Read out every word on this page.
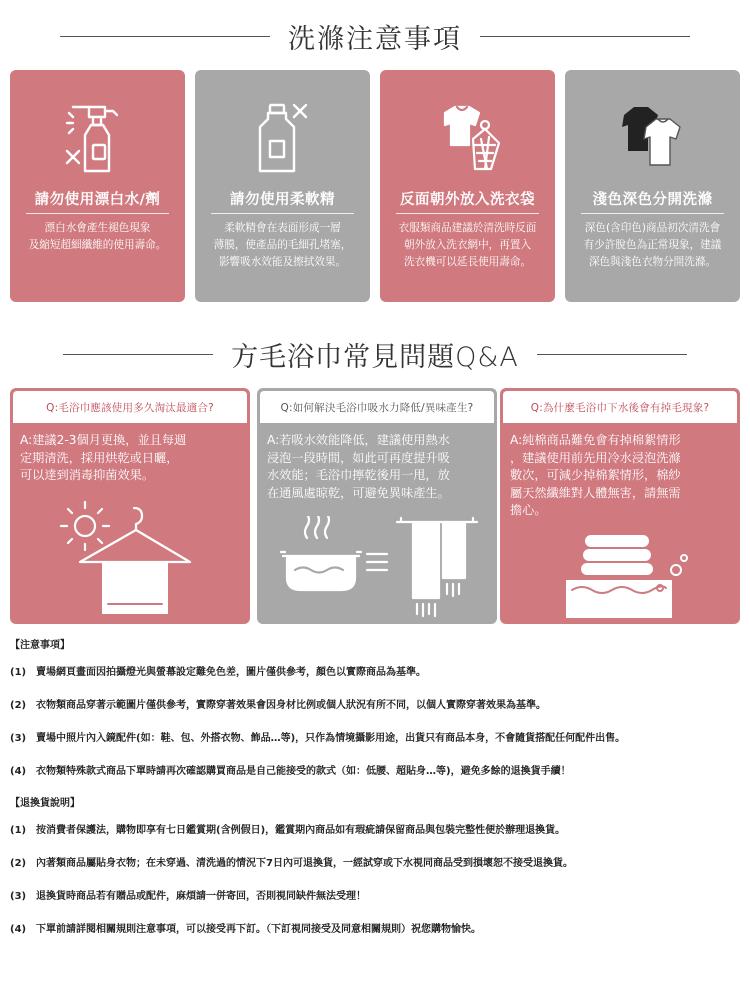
洗滌注意事項
請勿使用漂白水/劑
漂白水會產生褪色現象
及縮短超細纖維的使用壽命。
請勿使用柔軟精
柔軟精會在表面形成一層
薄膜，使產品的毛細孔堵塞，
影響吸水效能及擦拭效果。
反面朝外放入洗衣袋
衣服類商品建議於清洗時反面
朝外放入洗衣網中，再置入
洗衣機可以延長使用壽命。
淺色深色分開洗滌
深色(含印色)商品初次清洗會
有少許脫色為正常現象，建議
深色與淺色衣物分開洗滌。
方毛浴巾常見問題Q&A
Q:毛浴巾應該使用多久淘汰最適合?
A:建議2-3個月更換，並且每週
定期清洗，採用烘乾或日曬，
可以達到消毒抑菌效果。
Q:如何解決毛浴巾吸水力降低/異味產生?
A:若吸水效能降低，建議使用熱水
浸泡一段時間，如此可再度提升吸
水效能；毛浴巾擰乾後用一甩，放
在通風處晾乾，可避免異味產生。
Q:為什麼毛浴巾下水後會有掉毛現象?
A:純棉商品難免會有掉棉絮情形
，建議使用前先用冷水浸泡洗滌
數次，可減少掉棉絮情形，棉紗
屬天然纖維對人體無害，請無需
擔心。
【注意事項】
(1) 賣場網頁畫面因拍攝燈光與螢幕設定難免色差，圖片僅供參考，顏色以實際商品為基準。
(2) 衣物類商品穿著示範圖片僅供參考，實際穿著效果會因身材比例或個人狀況有所不同，以個人實際穿著效果為基準。
(3) 賣場中照片內入鏡配件(如：鞋、包、外搭衣物、飾品…等)，只作為情境攝影用途，出貨只有商品本身，不會隨貨搭配任何配件出售。
(4) 衣物類特殊款式商品下單時請再次確認購買商品是自己能接受的款式（如：低腰、超貼身…等)，避免多餘的退換貨手續！
【退換貨說明】
(1) 按消費者保護法，購物即享有七日鑑賞期(含例假日)，鑑賞期內商品如有瑕疵請保留商品與包裝完整性便於辦理退換貨。
(2) 內著類商品屬貼身衣物；在未穿過、清洗過的情況下7日內可退換貨，一經試穿或下水視同商品受到損壞恕不接受退換貨。
(3) 退換貨時商品若有贈品或配件，麻煩請一併寄回，否則視同缺件無法受理！
(4) 下單前請詳閱相關規則注意事項，可以接受再下訂。（下訂視同接受及同意相關規則）祝您購物愉快。
